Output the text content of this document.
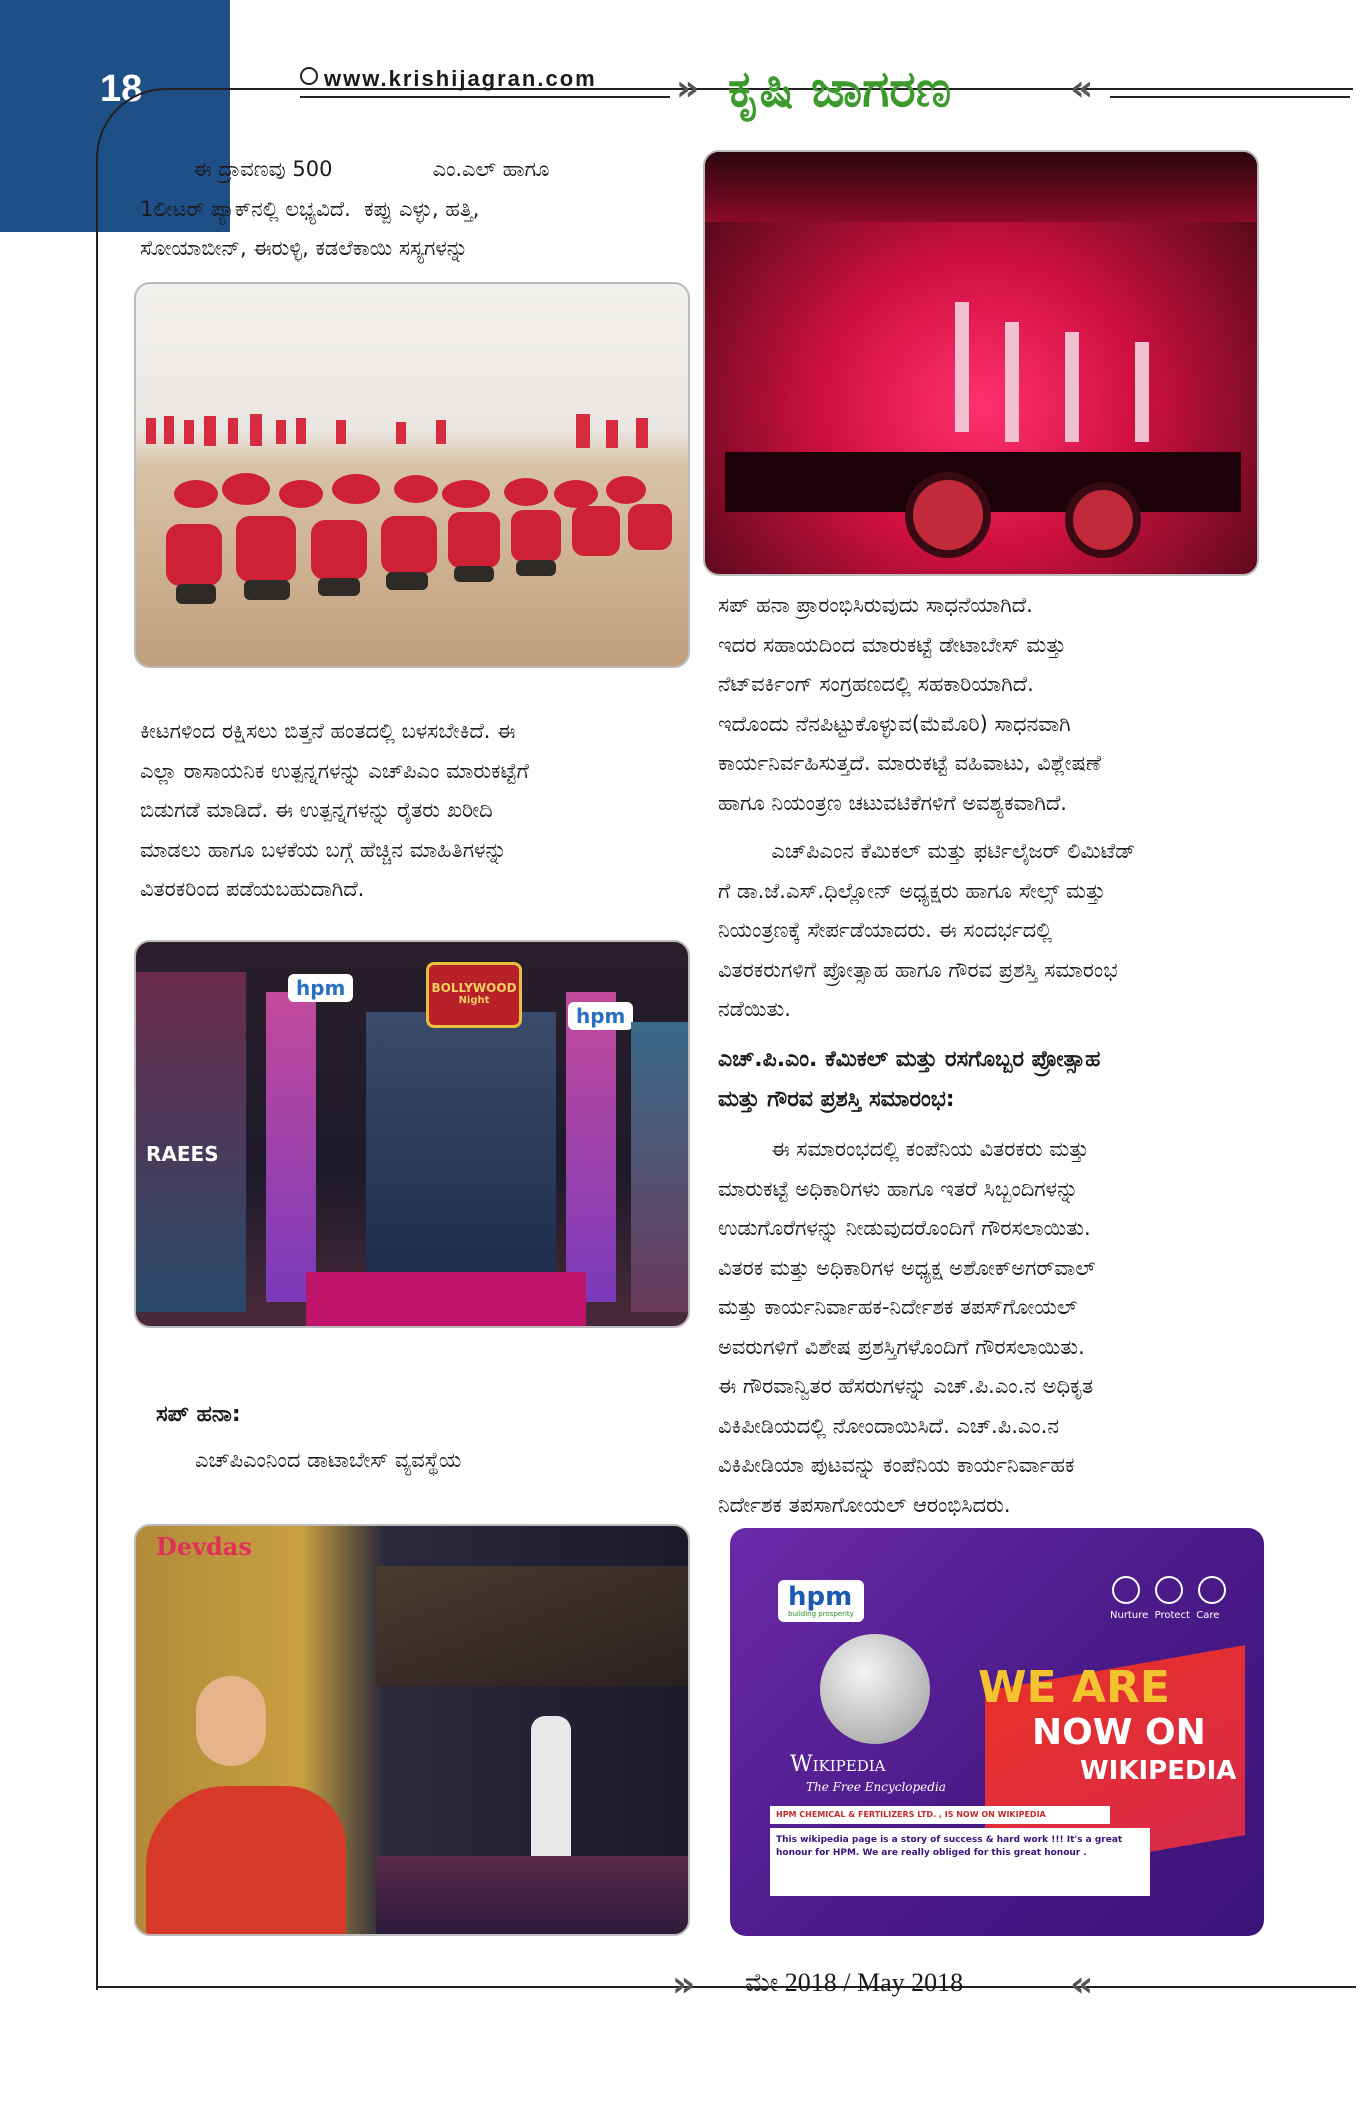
18	www.krishijagran.com » ಕೃಷಿ ಜಾಗರಣ	«

ಈ ದ್ರಾವಣವು 500               ಎಂ.ಎಲ್ ಹಾಗೂ

1ಲೀಟರ್ ಪ್ಯಾಕ್‌ನಲ್ಲಿ ಲಭ್ಯವಿದೆ.  ಕಪ್ಪು ಎಳ್ಳು, ಹತ್ತಿ,

ಸೋಯಾಬೀನ್, ಈರುಳ್ಳಿ, ಕಡಲೆಕಾಯಿ ಸಸ್ಯಗಳನ್ನು

ಕೀಟಗಳಿಂದ ರಕ್ಷಿಸಲು ಬಿತ್ತನೆ ಹಂತದಲ್ಲಿ ಬಳಸಬೇಕಿದೆ. ಈ

ಎಲ್ಲಾ ರಾಸಾಯನಿಕ ಉತ್ಪನ್ನಗಳನ್ನು ಎಚ್‌ಪಿಎಂ ಮಾರುಕಟ್ಟೆಗೆ

ಬಿಡುಗಡೆ ಮಾಡಿದೆ. ಈ ಉತ್ಪನ್ನಗಳನ್ನು ರೈತರು ಖರೀದಿ

ಮಾಡಲು ಹಾಗೂ ಬಳಕೆಯ ಬಗ್ಗೆ ಹೆಚ್ಚಿನ ಮಾಹಿತಿಗಳನ್ನು

ವಿತರಕರಿಂದ ಪಡೆಯಬಹುದಾಗಿದೆ.

RAEES
hpm	BOLLYWOOD
Night
hpm
ಸಪ್ ಹನಾ:
ಎಚ್‌ಪಿಎಂನಿಂದ ಡಾಟಾಬೇಸ್ ವ್ಯವಸ್ಥೆಯ
Devdas

ಸಪ್ ಹನಾ ಪ್ರಾರಂಭಿಸಿರುವುದು ಸಾಧನೆಯಾಗಿದೆ.

ಇದರ ಸಹಾಯದಿಂದ ಮಾರುಕಟ್ಟೆ ಡೇಟಾಬೇಸ್ ಮತ್ತು

ನೆಟ್‌ವರ್ಕಿಂಗ್ ಸಂಗ್ರಹಣದಲ್ಲಿ ಸಹಕಾರಿಯಾಗಿದೆ.

ಇದೊಂದು ನೆನಪಿಟ್ಟುಕೊಳ್ಳುವ(ಮೆಮೊರಿ) ಸಾಧನವಾಗಿ

ಕಾರ್ಯನಿರ್ವಹಿಸುತ್ತದೆ. ಮಾರುಕಟ್ಟೆ ವಹಿವಾಟು, ವಿಶ್ಲೇಷಣೆ

ಹಾಗೂ ನಿಯಂತ್ರಣ ಚಟುವಟಿಕೆಗಳಿಗೆ ಅವಶ್ಯಕವಾಗಿದೆ.

ಎಚ್‌ಪಿಎಂನ ಕೆಮಿಕಲ್ ಮತ್ತು ಫರ್ಟಿಲೈಜರ್ ಲಿಮಿಟೆಡ್

ಗೆ ಡಾ.ಜೆ.ಎಸ್.ಧಿಲ್ಲೋನ್ ಅಧ್ಯಕ್ಷರು ಹಾಗೂ ಸೇಲ್ಸ್ ಮತ್ತು

ನಿಯಂತ್ರಣಕ್ಕೆ ಸೇರ್ಪಡೆಯಾದರು. ಈ ಸಂದರ್ಭದಲ್ಲಿ

ವಿತರಕರುಗಳಿಗೆ ಪ್ರೋತ್ಸಾಹ ಹಾಗೂ ಗೌರವ ಪ್ರಶಸ್ತಿ ಸಮಾರಂಭ

ನಡೆಯಿತು.

ಎಚ್.ಪಿ.ಎಂ. ಕೆಮಿಕಲ್ ಮತ್ತು ರಸಗೊಬ್ಬರ ಪ್ರೋತ್ಸಾಹ
ಮತ್ತು ಗೌರವ ಪ್ರಶಸ್ತಿ ಸಮಾರಂಭ:

ಈ ಸಮಾರಂಭದಲ್ಲಿ ಕಂಪೆನಿಯ ವಿತರಕರು ಮತ್ತು

ಮಾರುಕಟ್ಟೆ ಅಧಿಕಾರಿಗಳು ಹಾಗೂ ಇತರೆ ಸಿಬ್ಬಂದಿಗಳನ್ನು

ಉಡುಗೊರೆಗಳನ್ನು ನೀಡುವುದರೊಂದಿಗೆ ಗೌರಸಲಾಯಿತು.

ವಿತರಕ ಮತ್ತು ಅಧಿಕಾರಿಗಳ ಅಧ್ಯಕ್ಷ ಅಶೋಕ್‌ಅಗರ್‌ವಾಲ್

ಮತ್ತು ಕಾರ್ಯನಿರ್ವಾಹಕ-ನಿರ್ದೇಶಕ ತಪಸ್‌ಗೋಯಲ್

ಅವರುಗಳಿಗೆ ವಿಶೇಷ ಪ್ರಶಸ್ತಿಗಳೊಂದಿಗೆ ಗೌರಸಲಾಯಿತು.

ಈ ಗೌರವಾನ್ವಿತರ ಹೆಸರುಗಳನ್ನು ಎಚ್.ಪಿ.ಎಂ.ನ ಅಧಿಕೃತ

ವಿಕಿಪೀಡಿಯದಲ್ಲಿ ನೋಂದಾಯಿಸಿದೆ. ಎಚ್.ಪಿ.ಎಂ.ನ

ವಿಕಿಪೀಡಿಯಾ ಪುಟವನ್ನು ಕಂಪೆನಿಯ ಕಾರ್ಯನಿರ್ವಾಹಕ

ನಿರ್ದೇಶಕ ತಪಸಾಗೋಯಲ್ ಆರಂಭಿಸಿದರು.

hpm
building prosperity
	Nurture  Protect  Care
Wikipedia
The Free Encyclopedia
WE ARE
NOW ON
WIKIPEDIA
HPM CHEMICAL & FERTILIZERS LTD. , IS NOW ON WIKIPEDIA
This wikipedia page is a story of success & hard work !!! It's a great honour for HPM. We are really obliged for this great honour .
» ಮೇ 2018 / May 2018	«
